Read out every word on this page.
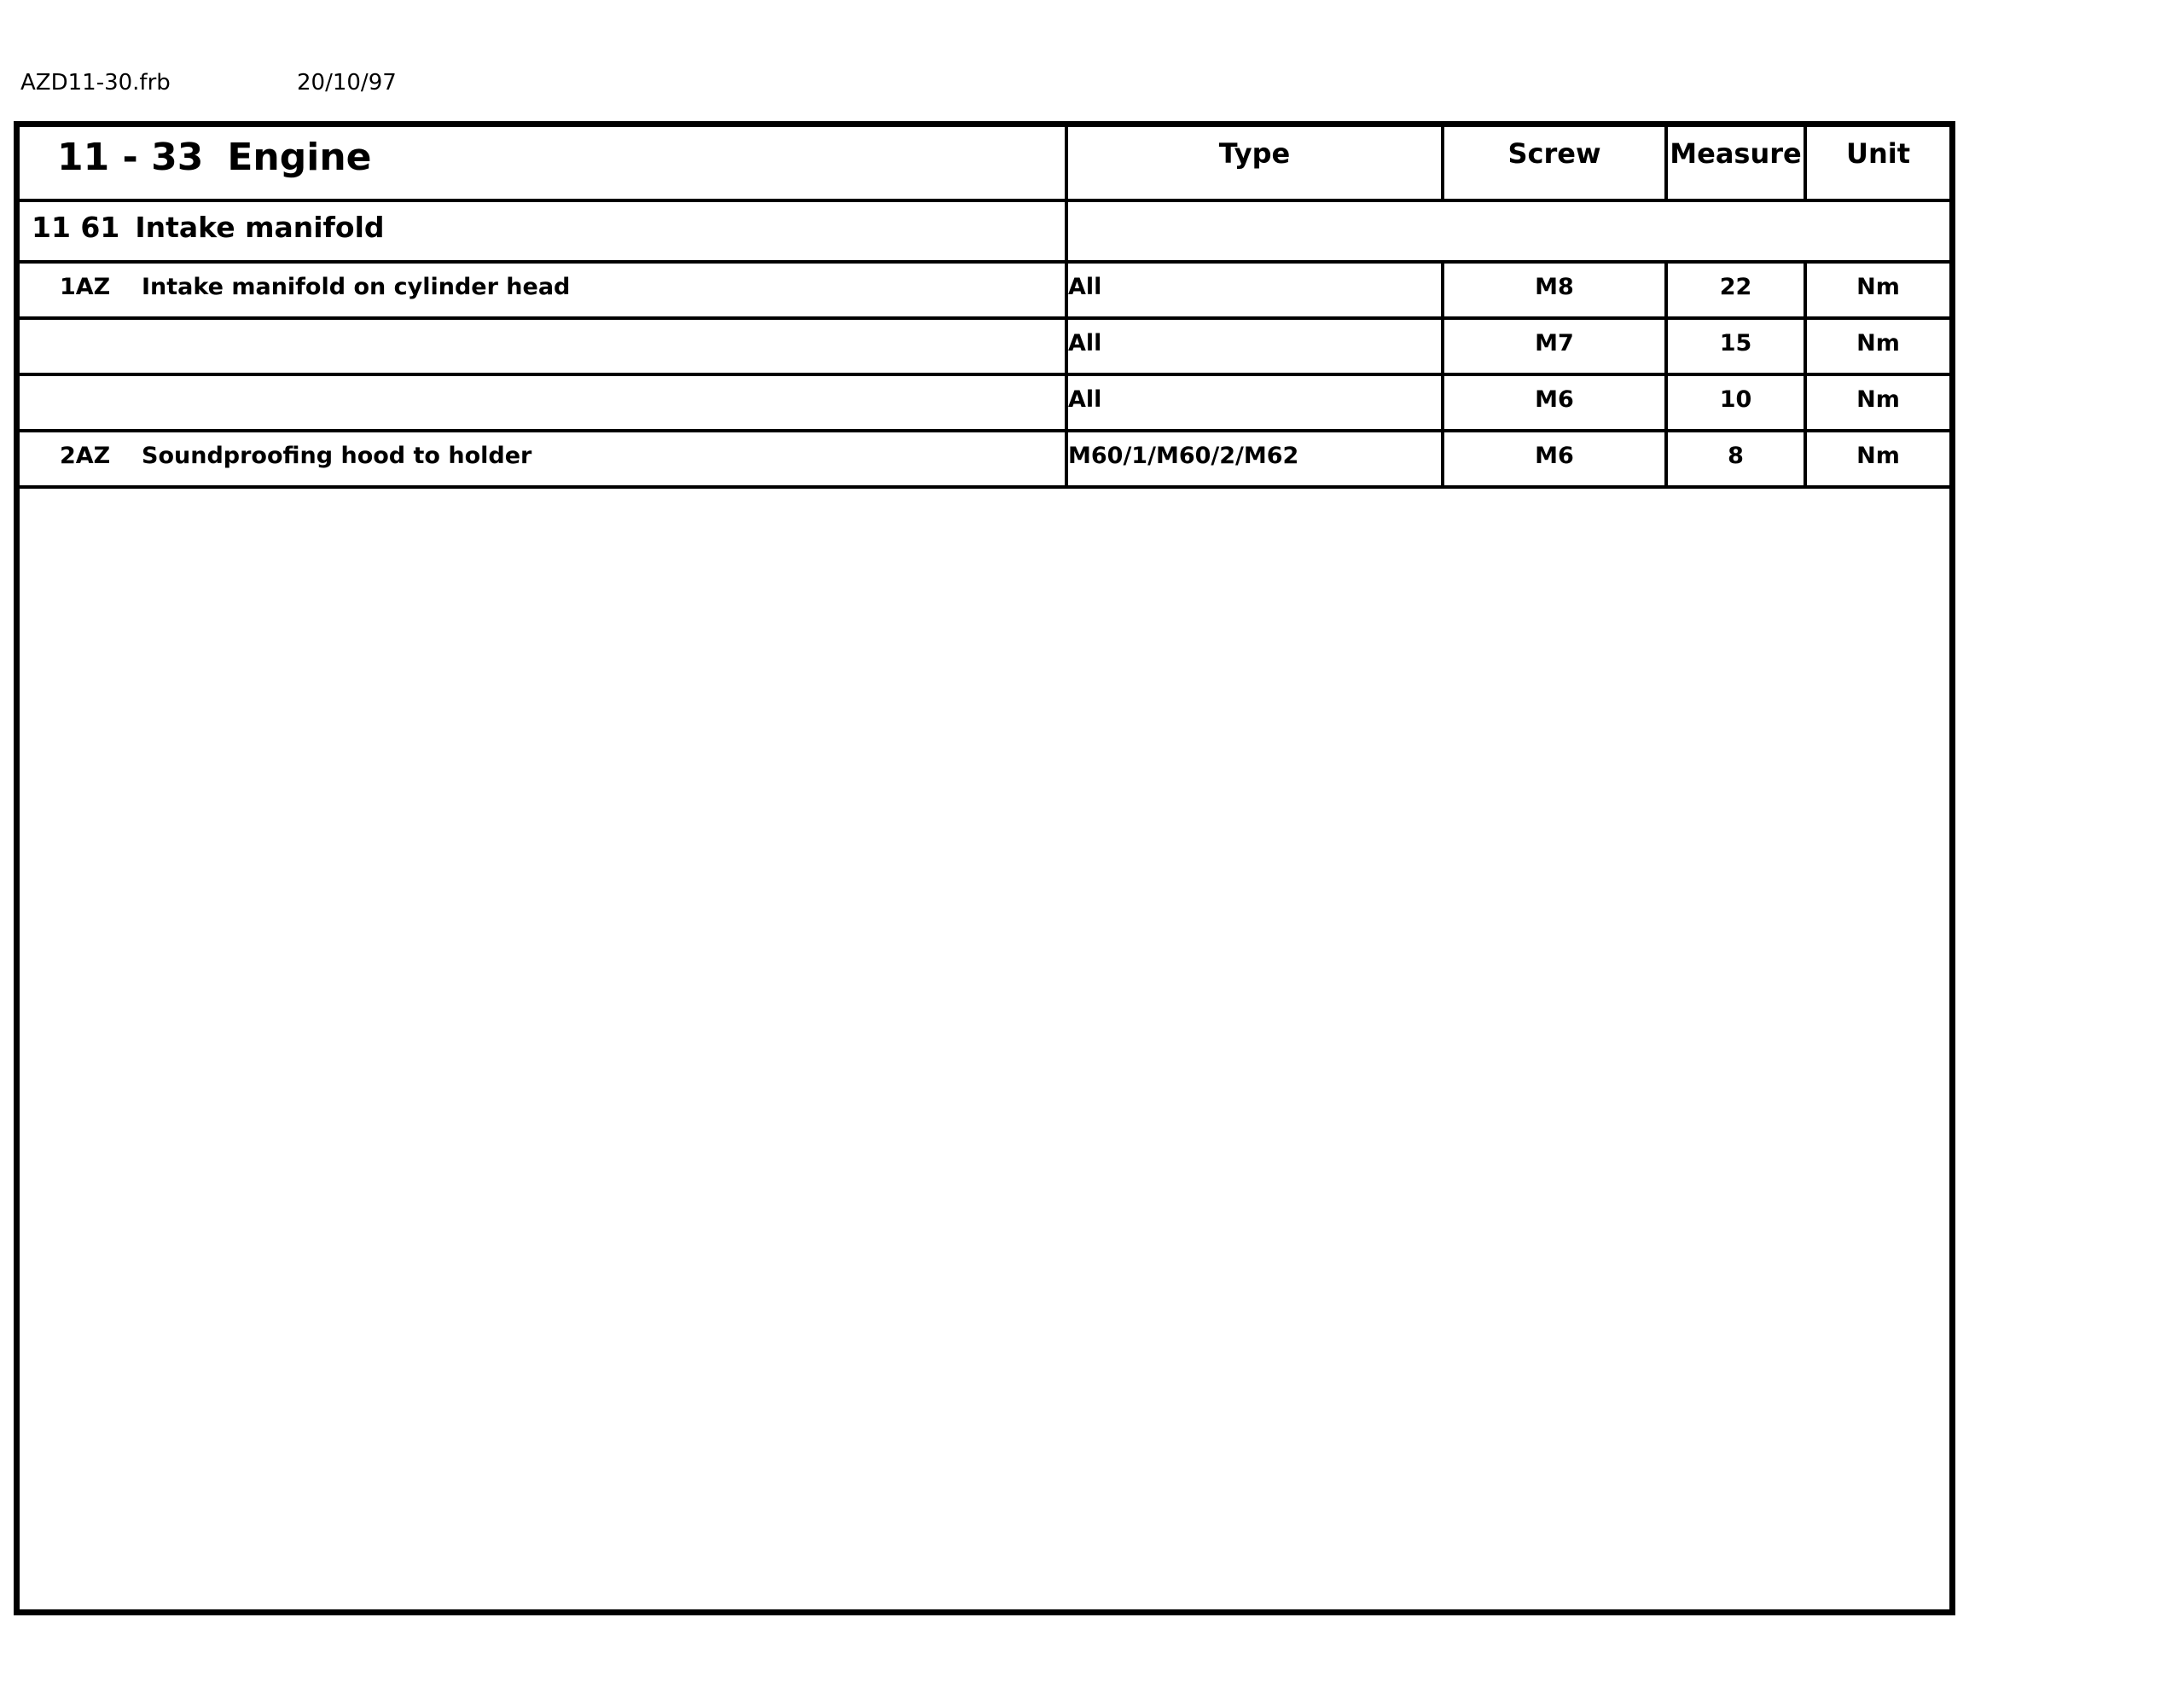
AZD11-30.frb	20/10/97
11 - 33 Engine	Type	Screw	Measure	Unit
11 61 Intake manifold				
1AZ Intake manifold on cylinder head	All	M8	22	Nm
	All	M7	15	Nm
	All	M6	10	Nm
2AZ Soundproofing hood to holder	M60/1/M60/2/M62	M6	8	Nm
